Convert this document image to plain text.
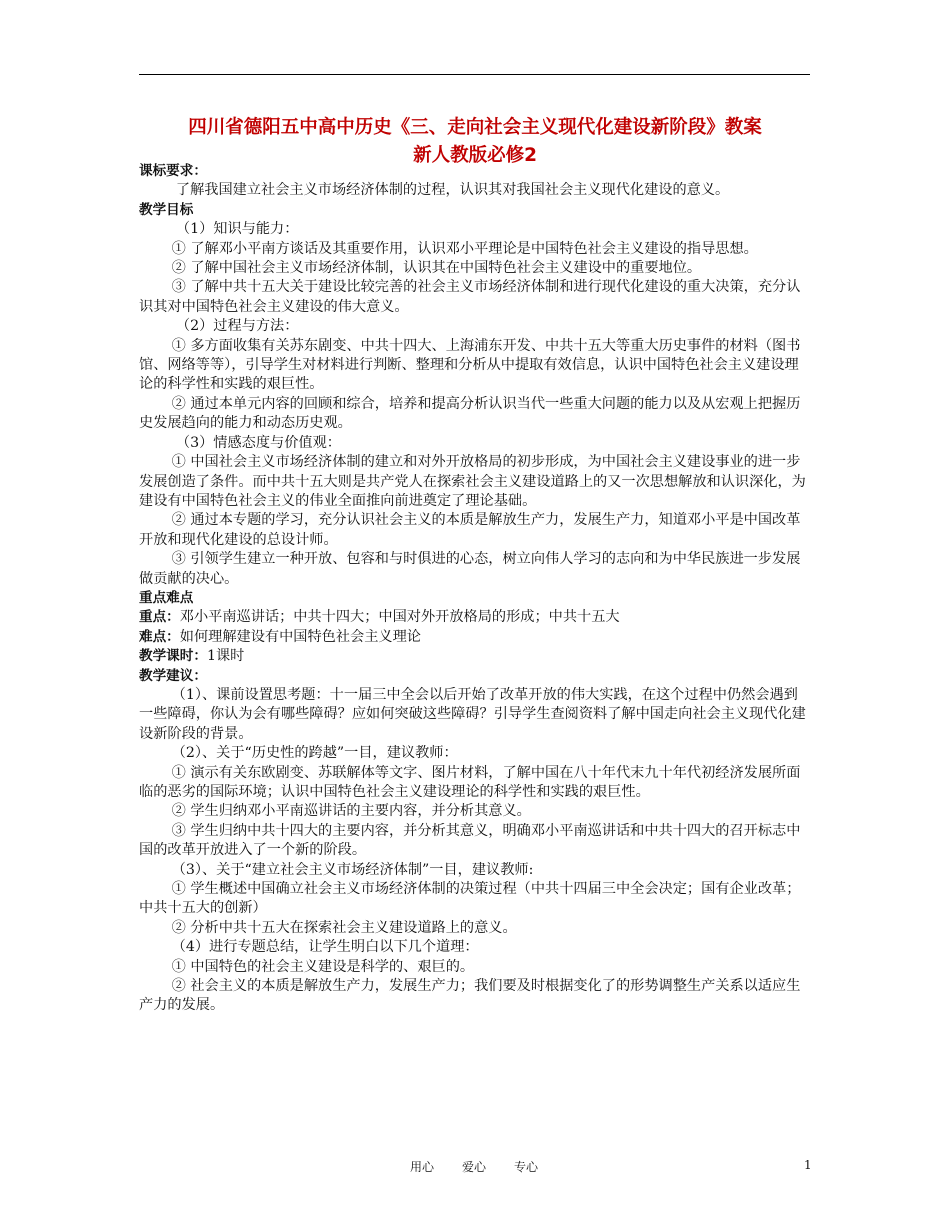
四川省德阳五中高中历史《三、走向社会主义现代化建设新阶段》教案
新人教版必修2

课标要求：

了解我国建立社会主义市场经济体制的过程，认识其对我国社会主义现代化建设的意义。

教学目标

（1）知识与能力：

① 了解邓小平南方谈话及其重要作用，认识邓小平理论是中国特色社会主义建设的指导思想。

② 了解中国社会主义市场经济体制，认识其在中国特色社会主义建设中的重要地位。

③ 了解中共十五大关于建设比较完善的社会主义市场经济体制和进行现代化建设的重大决策，充分认识其对中国特色社会主义建设的伟大意义。

（2）过程与方法：

① 多方面收集有关苏东剧变、中共十四大、上海浦东开发、中共十五大等重大历史事件的材料（图书馆、网络等等），引导学生对材料进行判断、整理和分析从中提取有效信息，认识中国特色社会主义建设理论的科学性和实践的艰巨性。

② 通过本单元内容的回顾和综合，培养和提高分析认识当代一些重大问题的能力以及从宏观上把握历史发展趋向的能力和动态历史观。

（3）情感态度与价值观：

① 中国社会主义市场经济体制的建立和对外开放格局的初步形成，为中国社会主义建设事业的进一步发展创造了条件。而中共十五大则是共产党人在探索社会主义建设道路上的又一次思想解放和认识深化，为建设有中国特色社会主义的伟业全面推向前进奠定了理论基础。

② 通过本专题的学习，充分认识社会主义的本质是解放生产力，发展生产力，知道邓小平是中国改革开放和现代化建设的总设计师。

③ 引领学生建立一种开放、包容和与时俱进的心态，树立向伟人学习的志向和为中华民族进一步发展做贡献的决心。

重点难点

重点：邓小平南巡讲话；中共十四大；中国对外开放格局的形成；中共十五大

难点：如何理解建设有中国特色社会主义理论

教学课时：1课时

教学建议：

（1）、课前设置思考题：十一届三中全会以后开始了改革开放的伟大实践，在这个过程中仍然会遇到一些障碍，你认为会有哪些障碍？应如何突破这些障碍？引导学生查阅资料了解中国走向社会主义现代化建设新阶段的背景。

（2）、关于“历史性的跨越”一目，建议教师：

① 演示有关东欧剧变、苏联解体等文字、图片材料，了解中国在八十年代末九十年代初经济发展所面临的恶劣的国际环境；认识中国特色社会主义建设理论的科学性和实践的艰巨性。

② 学生归纳邓小平南巡讲话的主要内容，并分析其意义。

③ 学生归纳中共十四大的主要内容，并分析其意义，明确邓小平南巡讲话和中共十四大的召开标志中国的改革开放进入了一个新的阶段。

（3）、关于“建立社会主义市场经济体制”一目，建议教师:

① 学生概述中国确立社会主义市场经济体制的决策过程（中共十四届三中全会决定；国有企业改革；中共十五大的创新）

② 分析中共十五大在探索社会主义建设道路上的意义。

（4）进行专题总结，让学生明白以下几个道理：

① 中国特色的社会主义建设是科学的、艰巨的。

② 社会主义的本质是解放生产力，发展生产力；我们要及时根据变化了的形势调整生产关系以适应生产力的发展。

用心 爱心 专心	1
